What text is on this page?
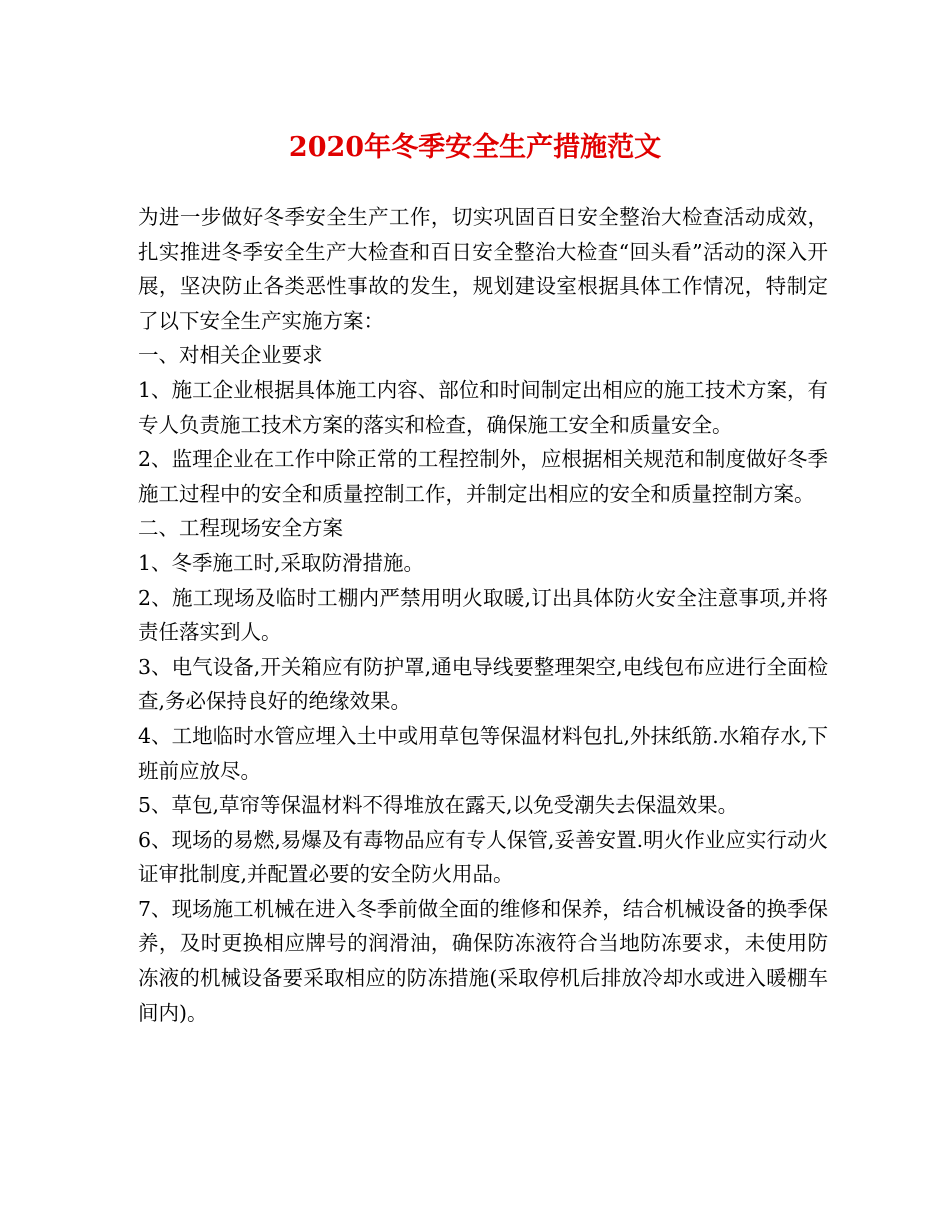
2020年冬季安全生产措施范文

为进一步做好冬季安全生产工作，切实巩固百日安全整治大检查活动成效，扎实推进冬季安全生产大检查和百日安全整治大检查“回头看”活动的深入开展，坚决防止各类恶性事故的发生，规划建设室根据具体工作情况，特制定了以下安全生产实施方案：

一、对相关企业要求

1、施工企业根据具体施工内容、部位和时间制定出相应的施工技术方案，有专人负责施工技术方案的落实和检查，确保施工安全和质量安全。

2、监理企业在工作中除正常的工程控制外，应根据相关规范和制度做好冬季施工过程中的安全和质量控制工作，并制定出相应的安全和质量控制方案。

二、工程现场安全方案

1、冬季施工时,采取防滑措施。

2、施工现场及临时工棚内严禁用明火取暖,订出具体防火安全注意事项,并将责任落实到人。

3、电气设备,开关箱应有防护罩,通电导线要整理架空,电线包布应进行全面检查,务必保持良好的绝缘效果。

4、工地临时水管应埋入土中或用草包等保温材料包扎,外抹纸筋.水箱存水,下班前应放尽。

5、草包,草帘等保温材料不得堆放在露天,以免受潮失去保温效果。

6、现场的易燃,易爆及有毒物品应有专人保管,妥善安置.明火作业应实行动火证审批制度,并配置必要的安全防火用品。

7、现场施工机械在进入冬季前做全面的维修和保养，结合机械设备的换季保养，及时更换相应牌号的润滑油，确保防冻液符合当地防冻要求，未使用防冻液的机械设备要采取相应的防冻措施(采取停机后排放冷却水或进入暖棚车间内)。
